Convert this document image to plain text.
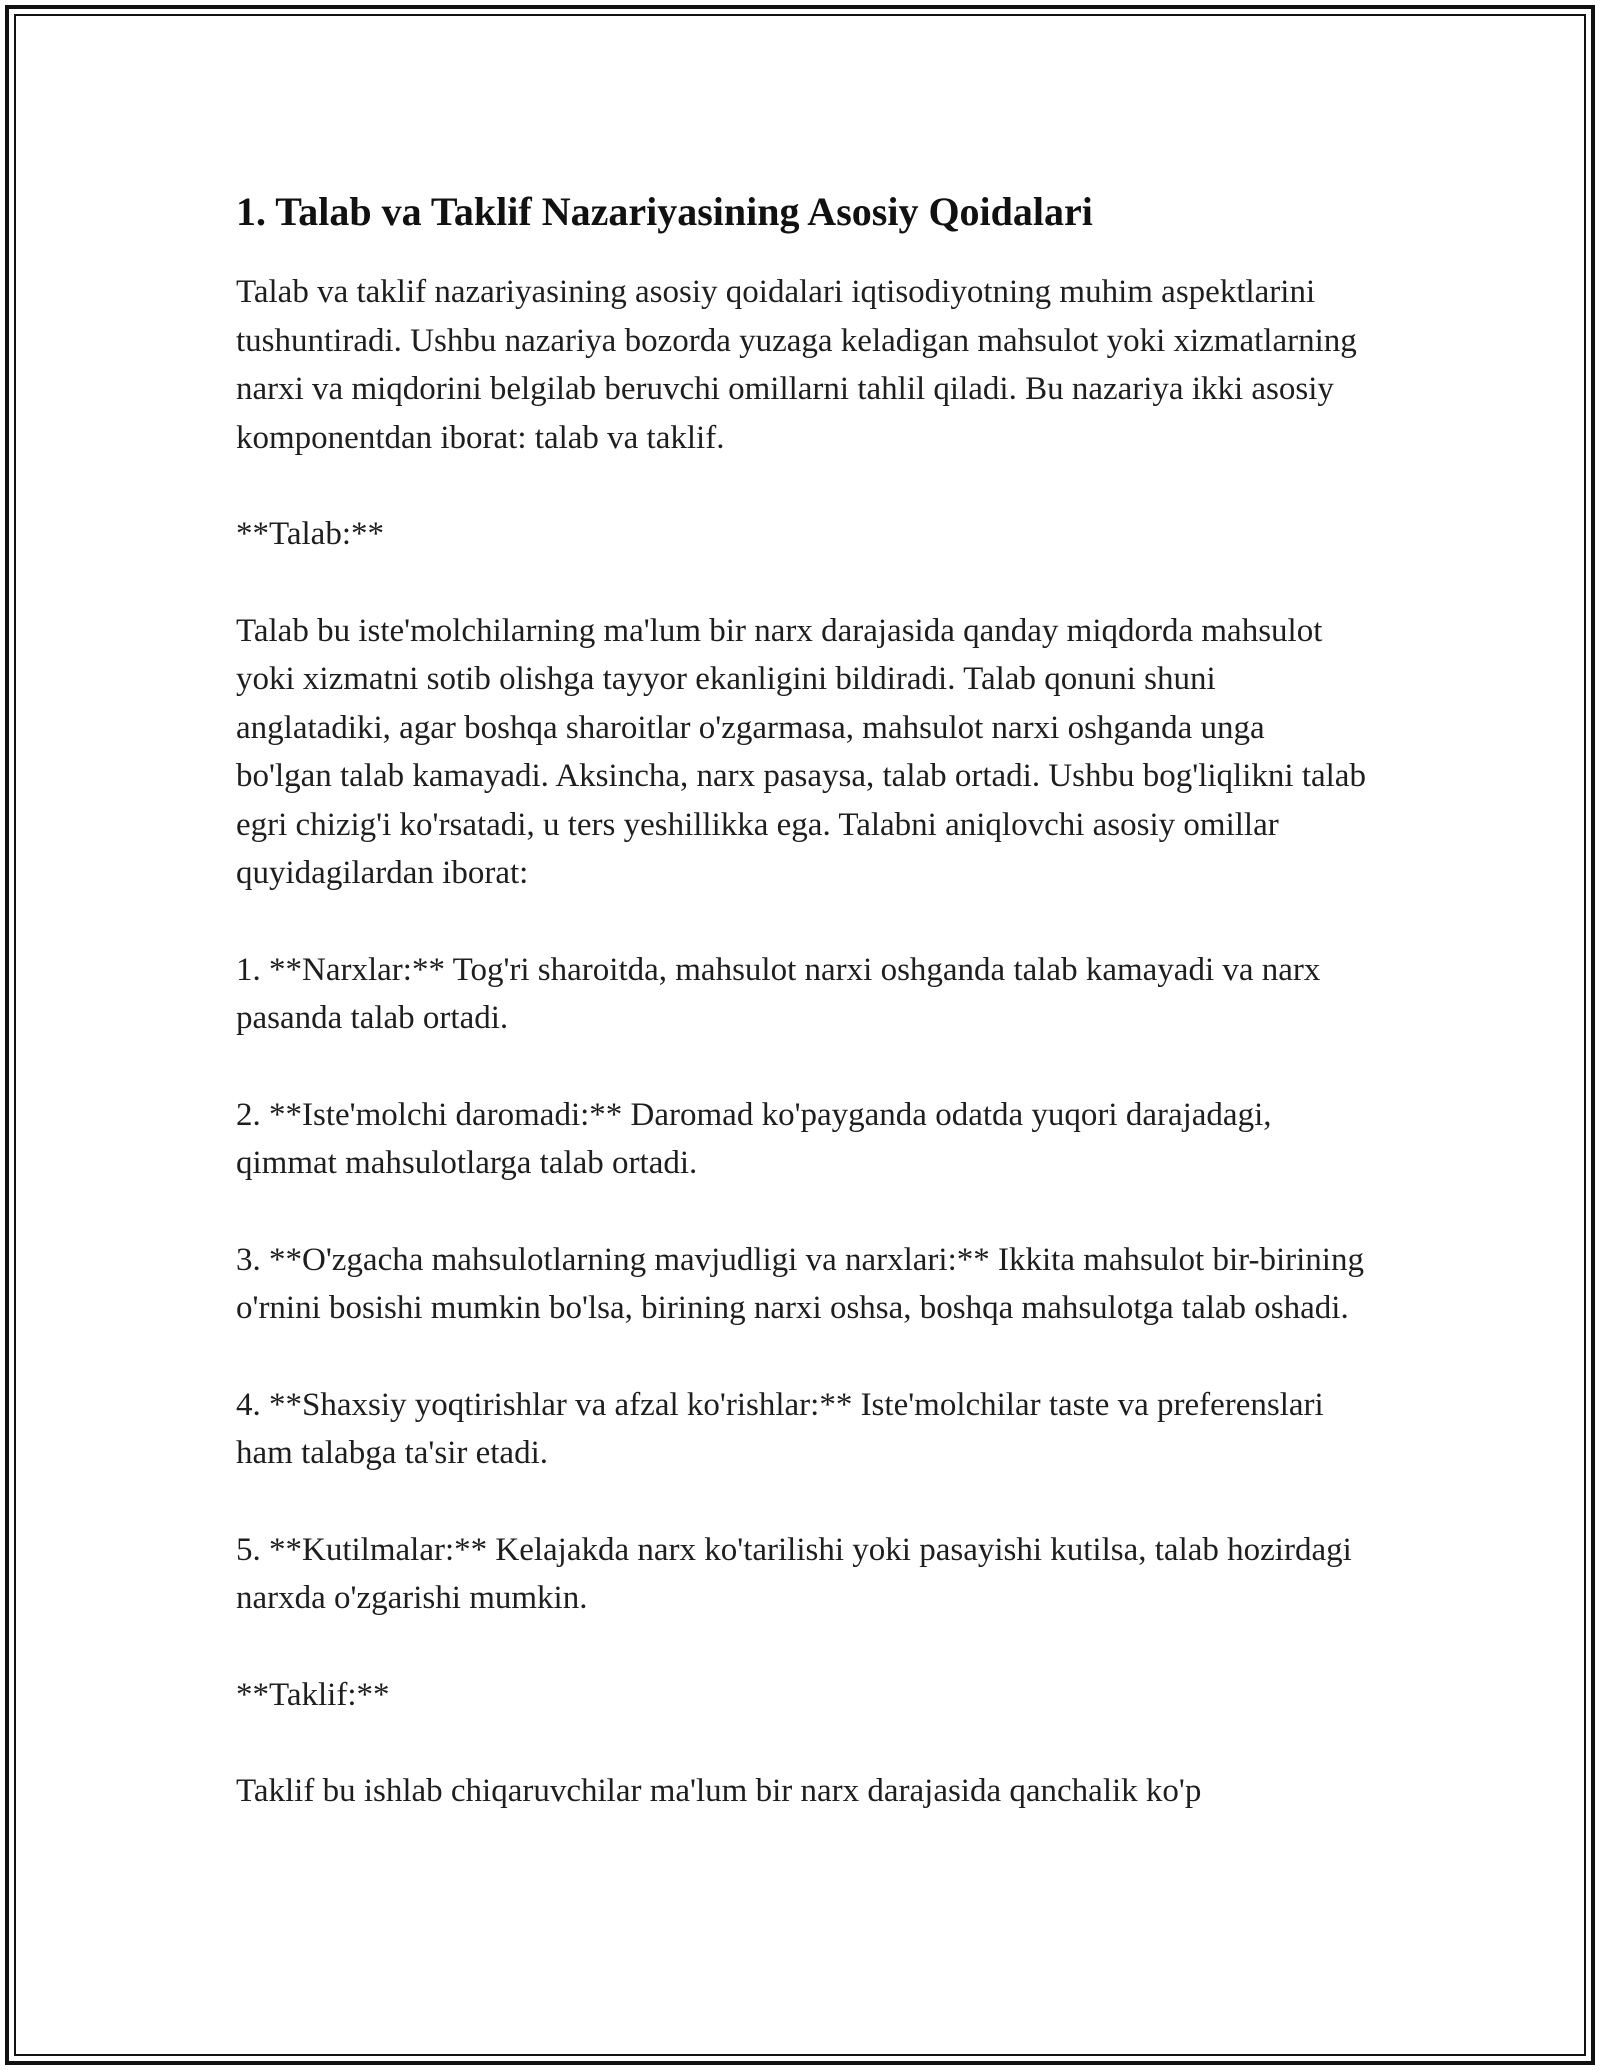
1. Talab va Taklif Nazariyasining Asosiy Qoidalari

Talab va taklif nazariyasining asosiy qoidalari iqtisodiyotning muhim aspektlarini tushuntiradi. Ushbu nazariya bozorda yuzaga keladigan mahsulot yoki xizmatlarning narxi va miqdorini belgilab beruvchi omillarni tahlil qiladi. Bu nazariya ikki asosiy komponentdan iborat: talab va taklif.

**Talab:**

Talab bu iste'molchilarning ma'lum bir narx darajasida qanday miqdorda mahsulot yoki xizmatni sotib olishga tayyor ekanligini bildiradi. Talab qonuni shuni anglatadiki, agar boshqa sharoitlar o'zgarmasa, mahsulot narxi oshganda unga bo'lgan talab kamayadi. Aksincha, narx pasaysa, talab ortadi. Ushbu bog'liqlikni talab egri chizig'i ko'rsatadi, u ters yeshillikka ega. Talabni aniqlovchi asosiy omillar quyidagilardan iborat:

1. **Narxlar:** Tog'ri sharoitda, mahsulot narxi oshganda talab kamayadi va narx pasanda talab ortadi.

2. **Iste'molchi daromadi:** Daromad ko'payganda odatda yuqori darajadagi, qimmat mahsulotlarga talab ortadi.

3. **O'zgacha mahsulotlarning mavjudligi va narxlari:** Ikkita mahsulot bir-birining o'rnini bosishi mumkin bo'lsa, birining narxi oshsa, boshqa mahsulotga talab oshadi.

4. **Shaxsiy yoqtirishlar va afzal ko'rishlar:** Iste'molchilar taste va preferenslari ham talabga ta'sir etadi.

5. **Kutilmalar:** Kelajakda narx ko'tarilishi yoki pasayishi kutilsa, talab hozirdagi narxda o'zgarishi mumkin.

**Taklif:**

Taklif bu ishlab chiqaruvchilar ma'lum bir narx darajasida qanchalik ko'p
